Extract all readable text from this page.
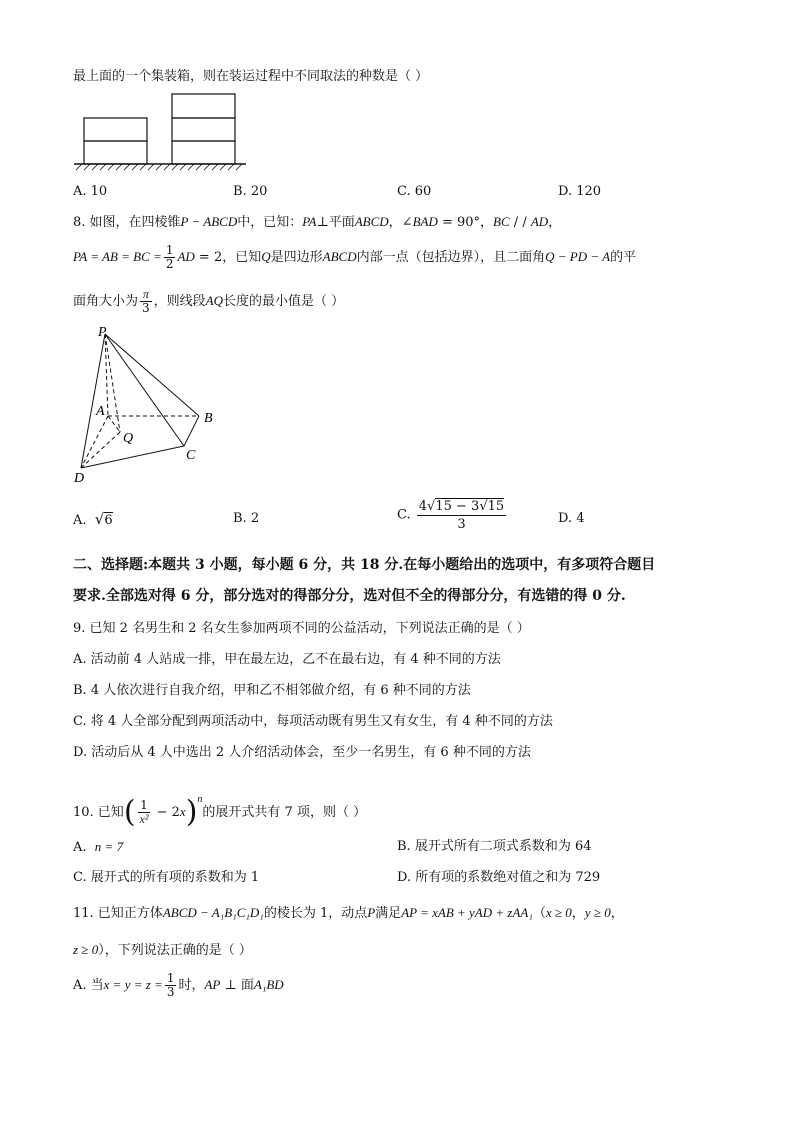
最上面的一个集装箱，则在装运过程中不同取法的种数是（ ）
A. 10	B. 20	C. 60	D. 120
8. 如图，在四棱锥P − ABCD中，已知：PA⊥平面ABCD，∠BAD = 90°，BC / / AD，
PA = AB = BC = $\frac{1}{2}$ AD = 2，已知Q是四边形ABCD内部一点（包括边界），且二面角Q − PD − A的平
面角大小为 $\frac{\pi}{3}$ ，则线段AQ长度的最小值是（ ）
P
A	B
C
D
Q
A. √6	B. 2	C. $\frac{4√15 - 3√15}{3}$	D. 4
二、选择题:本题共 3 小题，每小题 6 分，共 18 分.在每小题给出的选项中，有多项符合题目
要求.全部选对得 6 分，部分选对的得部分分，选对但不全的得部分分，有选错的得 0 分.
9. 已知 2 名男生和 2 名女生参加两项不同的公益活动，下列说法正确的是（ ）
A. 活动前 4 人站成一排，甲在最左边，乙不在最右边，有 4 种不同的方法
B. 4 人依次进行自我介绍，甲和乙不相邻做介绍，有 6 种不同的方法
C. 将 4 人全部分配到两项活动中，每项活动既有男生又有女生，有 4 种不同的方法
D. 活动后从 4 人中选出 2 人介绍活动体会，至少一名男生，有 6 种不同的方法
10. 已知( $\frac{1}{\text{x²}} - 2x)^n$的展开式共有 7 项，则（ ）
A. n = 7	B. 展开式所有二项式系数和为 64
C. 展开式的所有项的系数和为 1	D. 所有项的系数绝对值之和为 729
11. 已知正方体ABCD − A₁B₁C₁D₁的棱长为 1，动点P满足AP = xAB + yAD + zAA₁（x ≥ 0，y ≥ 0，
z ≥ 0），下列说法正确的是（ ）
A. 当$x = y = z = \frac{1}{3}$ 时，AP ⊥ 面A₁BD
